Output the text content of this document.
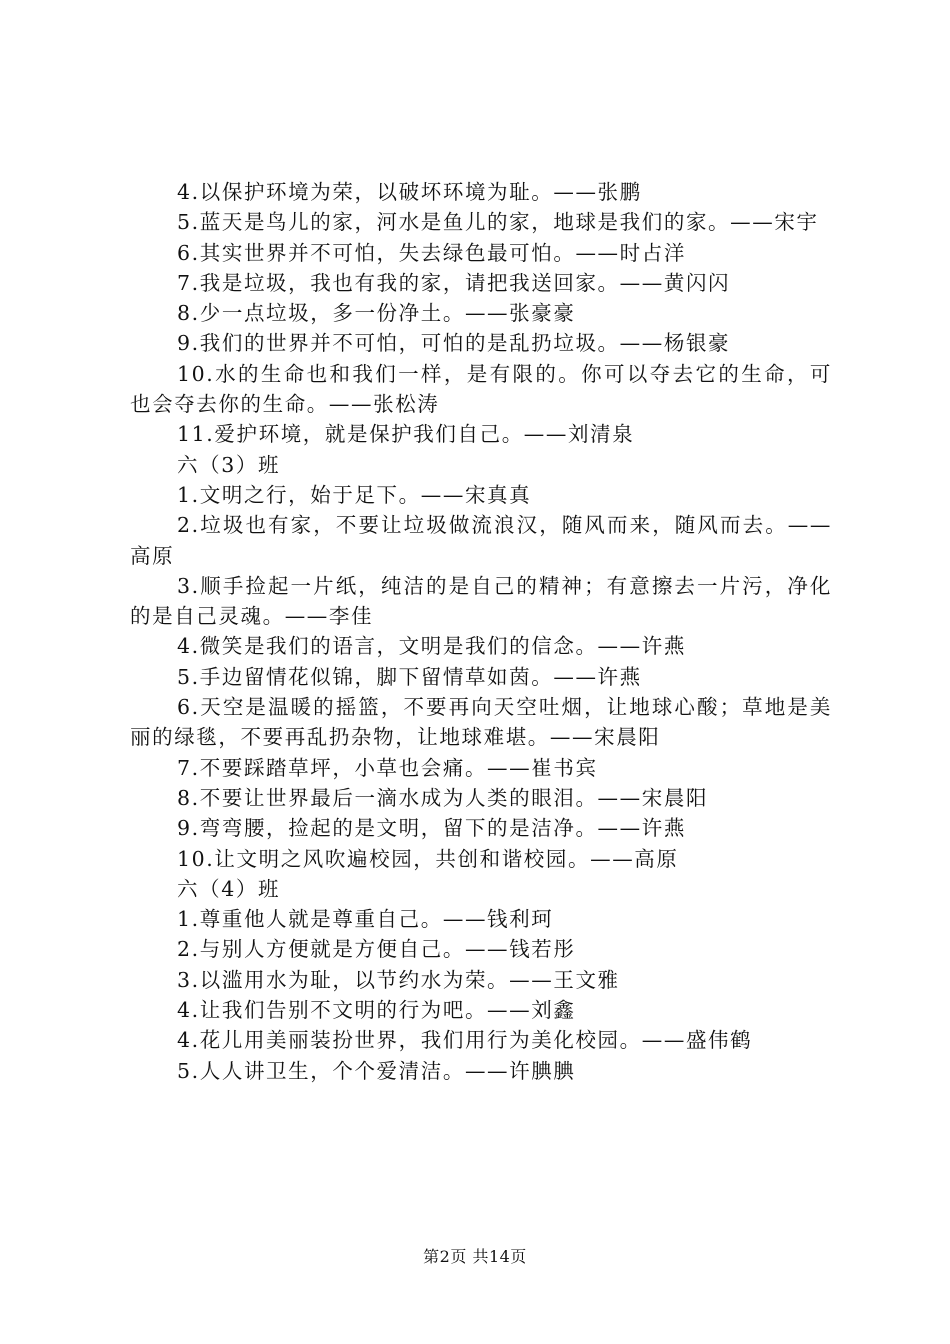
4.以保护环境为荣，以破坏环境为耻。——张鹏

5.蓝天是鸟儿的家，河水是鱼儿的家，地球是我们的家。——宋宇

6.其实世界并不可怕，失去绿色最可怕。——时占洋

7.我是垃圾，我也有我的家，请把我送回家。——黄闪闪

8.少一点垃圾，多一份净土。——张豪豪

9.我们的世界并不可怕，可怕的是乱扔垃圾。——杨银豪

10.水的生命也和我们一样，是有限的。你可以夺去它的生命，可也会夺去你的生命。——张松涛

11.爱护环境，就是保护我们自己。——刘清泉

六（3）班

1.文明之行，始于足下。——宋真真

2.垃圾也有家，不要让垃圾做流浪汉，随风而来，随风而去。——高原

3.顺手捡起一片纸，纯洁的是自己的精神；有意擦去一片污，净化的是自己灵魂。——李佳

4.微笑是我们的语言，文明是我们的信念。——许燕

5.手边留情花似锦，脚下留情草如茵。——许燕

6.天空是温暖的摇篮，不要再向天空吐烟，让地球心酸；草地是美丽的绿毯，不要再乱扔杂物，让地球难堪。——宋晨阳

7.不要踩踏草坪，小草也会痛。——崔书宾

8.不要让世界最后一滴水成为人类的眼泪。——宋晨阳

9.弯弯腰，捡起的是文明，留下的是洁净。——许燕

10.让文明之风吹遍校园，共创和谐校园。——高原

六（4）班

1.尊重他人就是尊重自己。——钱利珂

2.与别人方便就是方便自己。——钱若彤

3.以滥用水为耻，以节约水为荣。——王文雅

4.让我们告别不文明的行为吧。——刘鑫

4.花儿用美丽装扮世界，我们用行为美化校园。——盛伟鹤

5.人人讲卫生，个个爱清洁。——许腆腆

第2页 共14页
